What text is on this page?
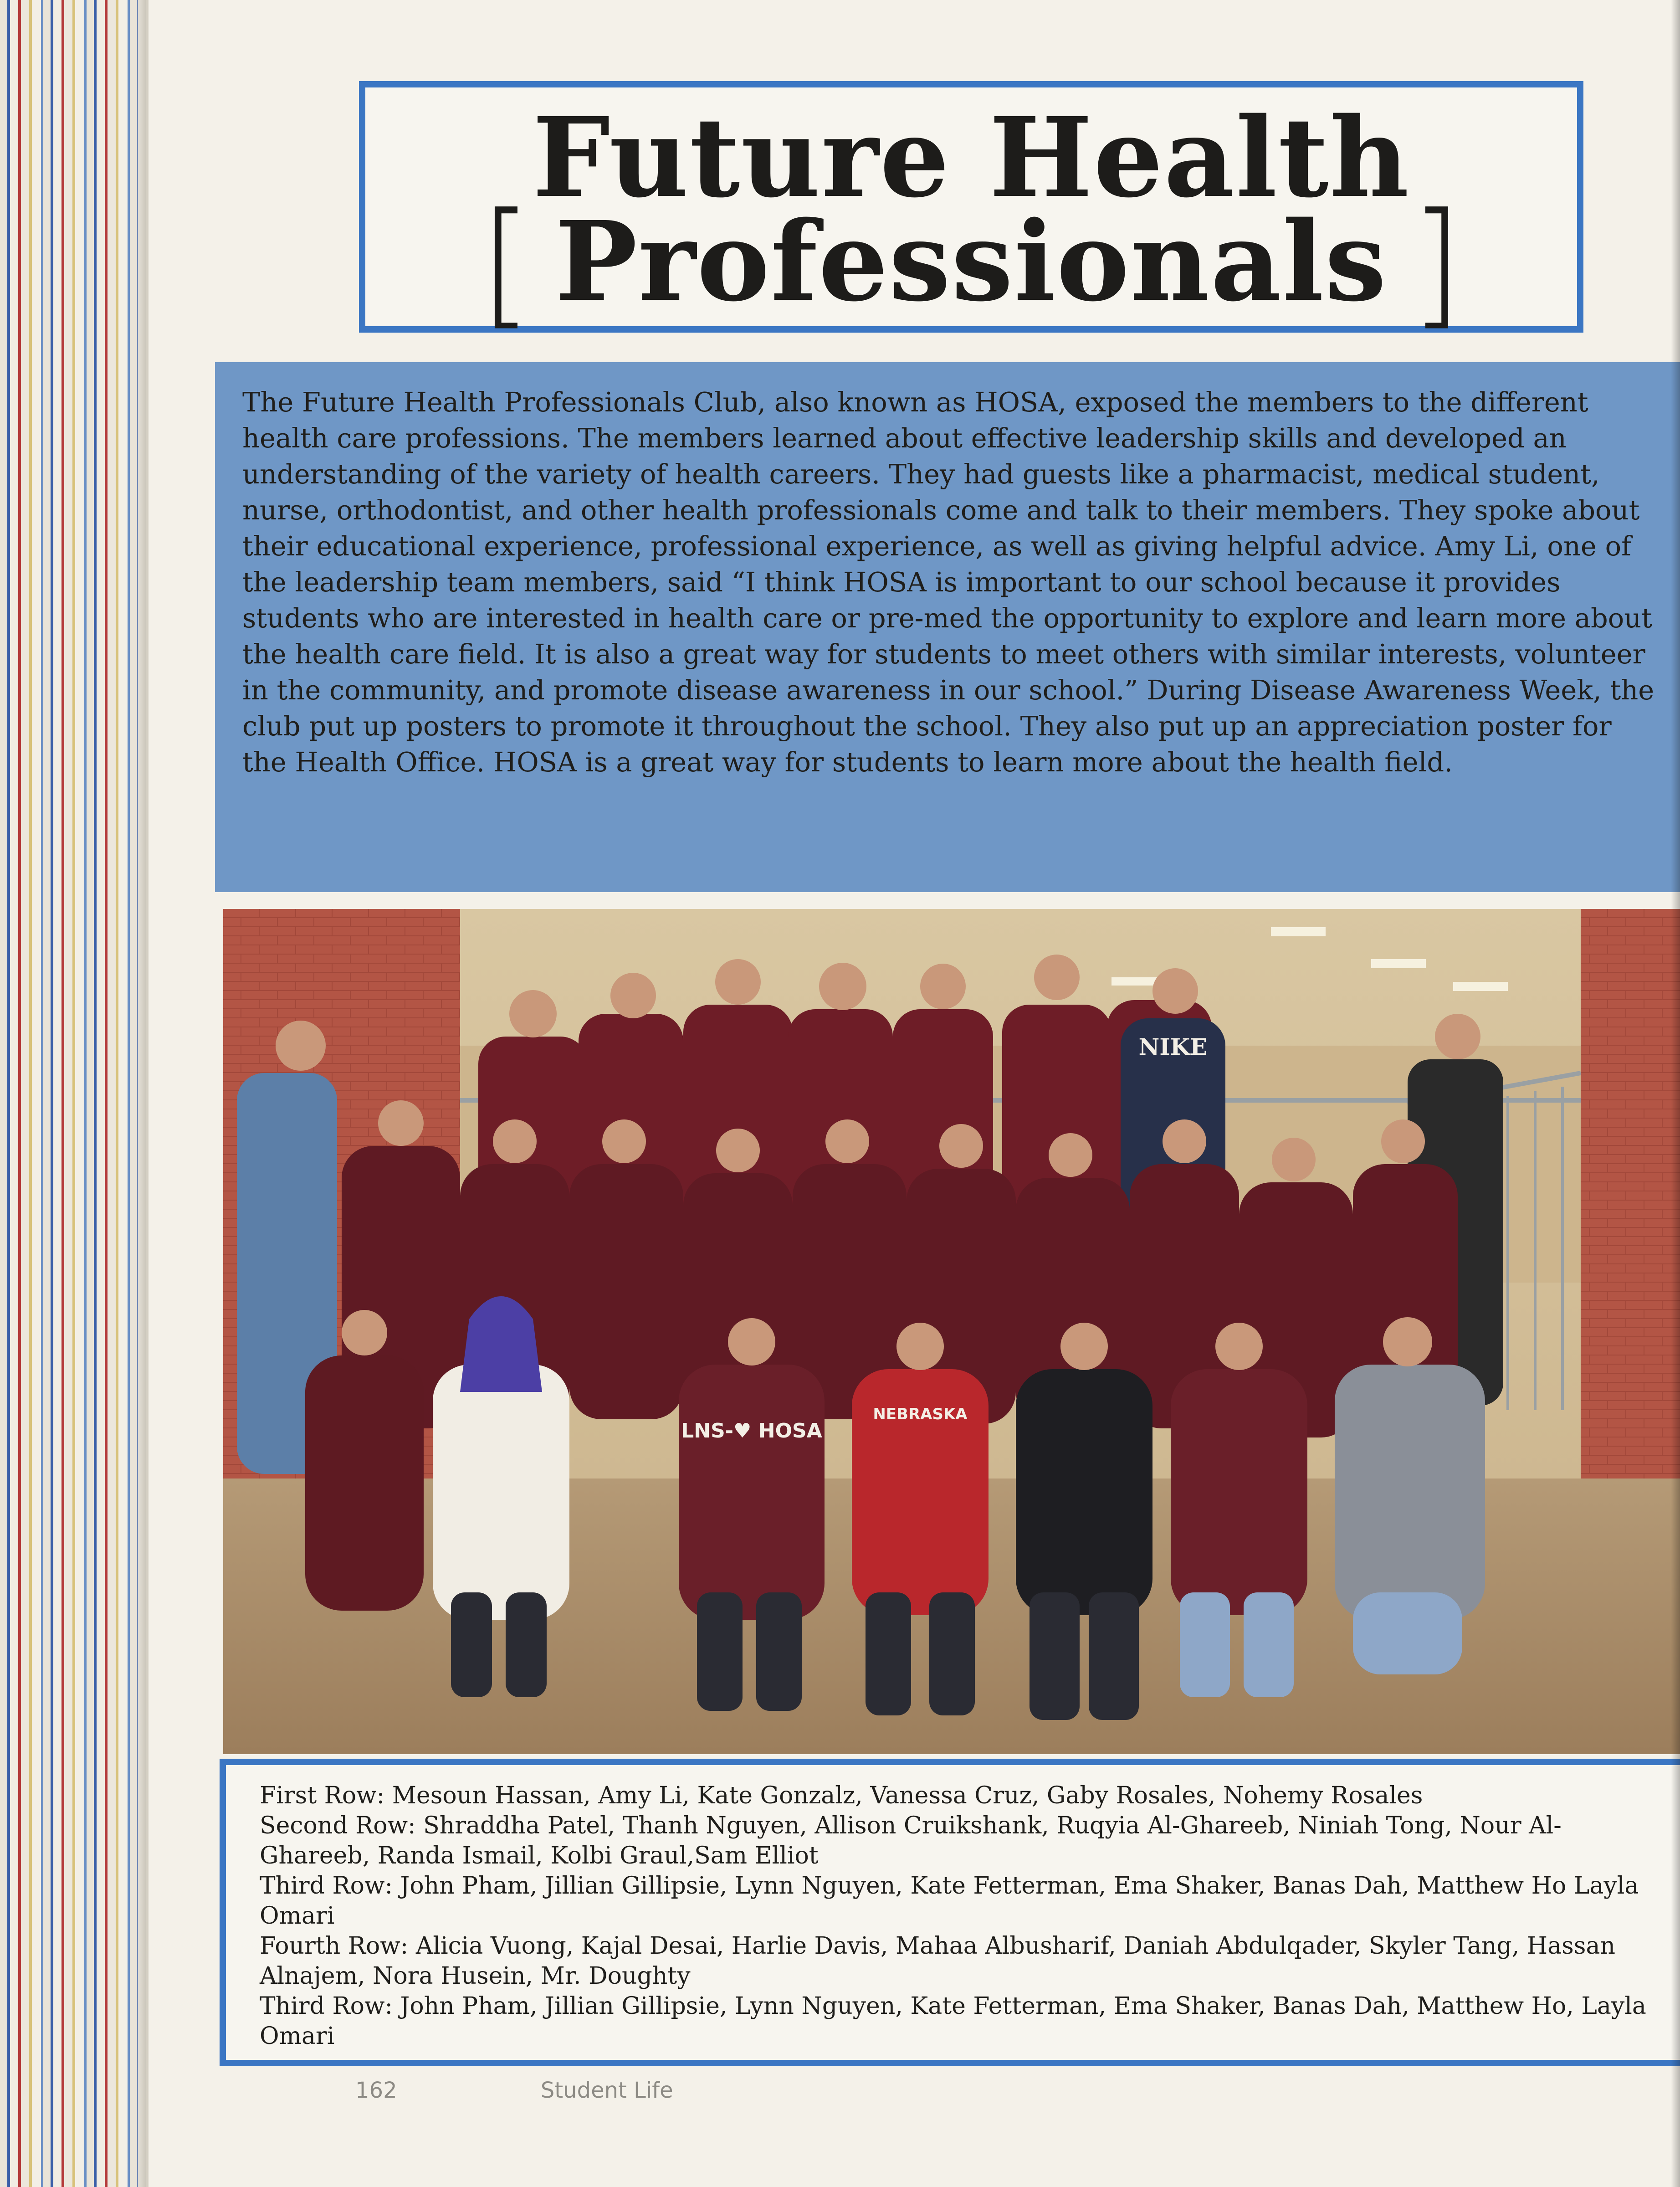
[	]
Future Health
Professionals

The Future Health Professionals Club, also known as HOSA, exposed the members to the different health care professions. The members learned about effective leadership skills and developed an understanding of the variety of health careers. They had guests like a pharmacist, medical student, nurse, orthodontist, and other health professionals come and talk to their members. They spoke about their educational experience, professional experience, as well as giving helpful advice. Amy Li, one of the leadership team members, said “I think HOSA is important to our school because it provides students who are interested in health care or pre-med the opportunity to explore and learn more about the health care field. It is also a great way for students to meet others with similar interests, volunteer in the community, and promote disease awareness in our school.” During Disease Awareness Week, the club put up posters to promote it throughout the school. They also put up an appreciation poster for the Health Office. HOSA is a great way for students to learn more about the health field.

LNS-♥ HOSA
NIKE
NEBRASKA

First Row: Mesoun Hassan, Amy Li, Kate Gonzalz, Vanessa Cruz, Gaby Rosales, Nohemy Rosales

Second Row: Shraddha Patel, Thanh Nguyen, Allison Cruikshank, Ruqyia Al-Ghareeb, Niniah Tong, Nour Al-Ghareeb, Randa Ismail, Kolbi Graul,Sam Elliot

Third Row: John Pham, Jillian Gillipsie, Lynn Nguyen, Kate Fetterman, Ema Shaker, Banas Dah, Matthew Ho Layla Omari

Fourth Row: Alicia Vuong, Kajal Desai, Harlie Davis, Mahaa Albusharif, Daniah Abdulqader, Skyler Tang, Hassan Alnajem, Nora Husein, Mr. Doughty

Third Row: John Pham, Jillian Gillipsie, Lynn Nguyen, Kate Fetterman, Ema Shaker, Banas Dah, Matthew Ho, Layla Omari

162	Student Life
